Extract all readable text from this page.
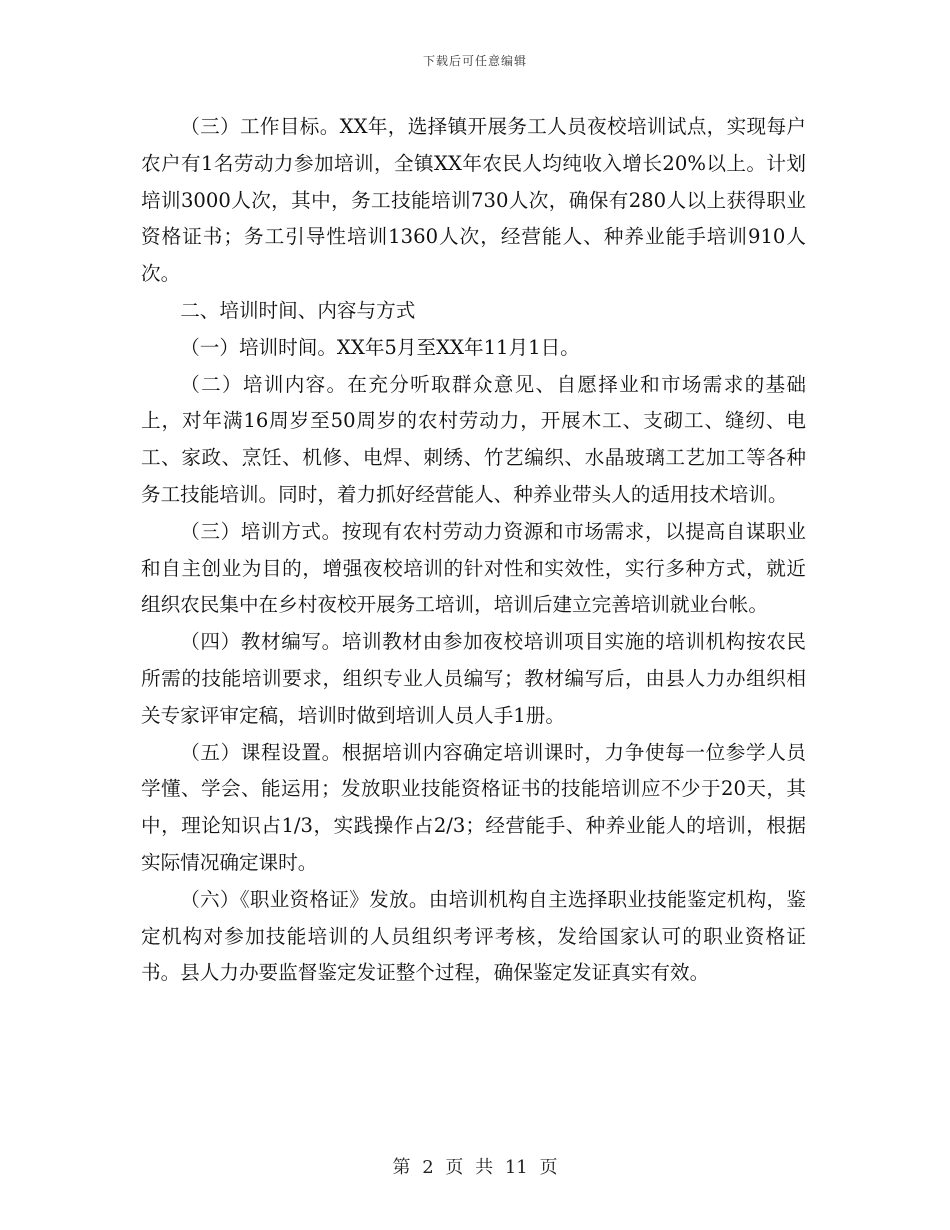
下载后可任意编辑

（三）工作目标。XX年，选择镇开展务工人员夜校培训试点，实现每户农户有1名劳动力参加培训，全镇XX年农民人均纯收入增长20%以上。计划培训3000人次，其中，务工技能培训730人次，确保有280人以上获得职业资格证书；务工引导性培训1360人次，经营能人、种养业能手培训910人次。

二、培训时间、内容与方式

（一）培训时间。XX年5月至XX年11月1日。

（二）培训内容。在充分听取群众意见、自愿择业和市场需求的基础上，对年满16周岁至50周岁的农村劳动力，开展木工、支砌工、缝纫、电工、家政、烹饪、机修、电焊、刺绣、竹艺编织、水晶玻璃工艺加工等各种务工技能培训。同时，着力抓好经营能人、种养业带头人的适用技术培训。

（三）培训方式。按现有农村劳动力资源和市场需求，以提高自谋职业和自主创业为目的，增强夜校培训的针对性和实效性，实行多种方式，就近组织农民集中在乡村夜校开展务工培训，培训后建立完善培训就业台帐。

（四）教材编写。培训教材由参加夜校培训项目实施的培训机构按农民所需的技能培训要求，组织专业人员编写；教材编写后，由县人力办组织相关专家评审定稿，培训时做到培训人员人手1册。

（五）课程设置。根据培训内容确定培训课时，力争使每一位参学人员学懂、学会、能运用；发放职业技能资格证书的技能培训应不少于20天，其中，理论知识占1/3，实践操作占2/3；经营能手、种养业能人的培训，根据实际情况确定课时。

（六）《职业资格证》发放。由培训机构自主选择职业技能鉴定机构，鉴定机构对参加技能培训的人员组织考评考核，发给国家认可的职业资格证书。县人力办要监督鉴定发证整个过程，确保鉴定发证真实有效。

第 2 页 共 11 页
